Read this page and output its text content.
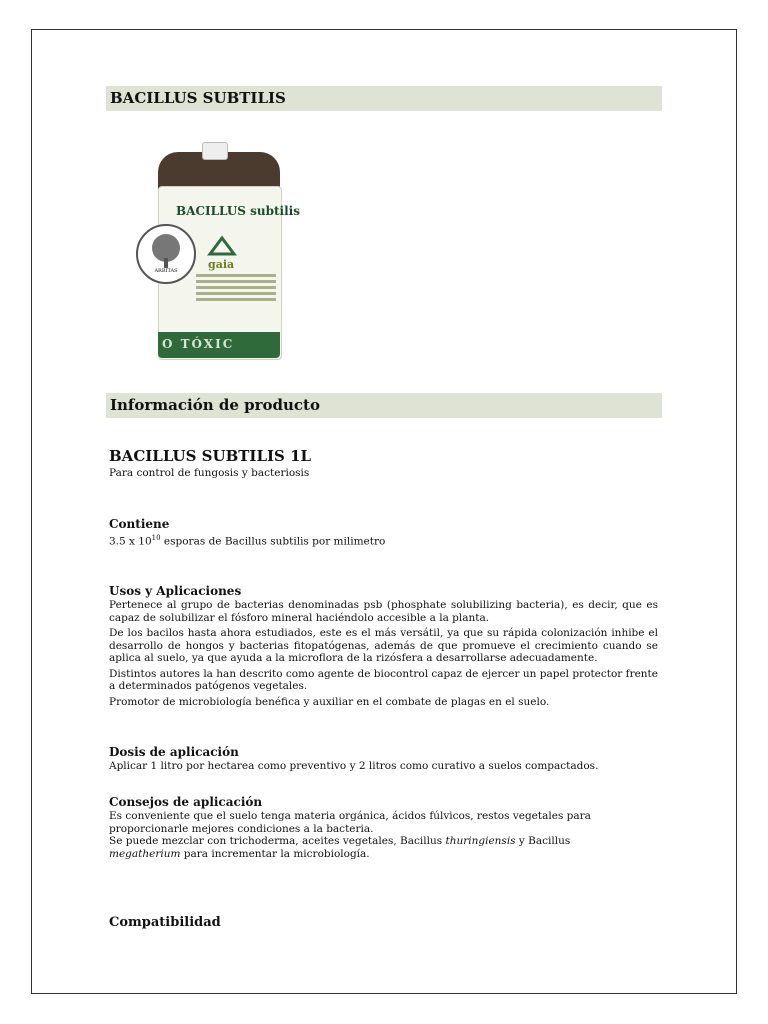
BACILLUS SUBTILIS
BACILLUS subtilis
ARBITAS	gaia
O TÓXIC
Información de producto
BACILLUS SUBTILIS 1L
Para control de fungosis y bacteriosis
Contiene
3.5 x $10^{10}$ esporas de Bacillus subtilis por milimetro
Usos y Aplicaciones
Pertenece al grupo de bacterias denominadas psb (phosphate solubilizing bacteria), es decir, que es capaz de solubilizar el fósforo mineral haciéndolo accesible a la planta.
De los bacilos hasta ahora estudiados, este es el más versátil, ya que su rápida colonización inhibe el desarrollo de hongos y bacterias fitopatógenas, además de que promueve el crecimiento cuando se aplica al suelo, ya que ayuda a la microflora de la rizósfera a desarrollarse adecuadamente.
Distintos autores la han descrito como agente de biocontrol capaz de ejercer un papel protector frente a determinados patógenos vegetales.
Promotor de microbiología benéfica y auxiliar en el combate de plagas en el suelo.
Dosis de aplicación
Aplicar 1 litro por hectarea como preventivo y 2 litros como curativo a suelos compactados.
Consejos de aplicación
Es conveniente que el suelo tenga materia orgánica, ácidos fúlvicos, restos vegetales para proporcionarle mejores condiciones a la bacteria.
Se puede mezclar con trichoderma, aceites vegetales, Bacillus thuringiensis y Bacillus megatherium para incrementar la microbiología.
Compatibilidad
